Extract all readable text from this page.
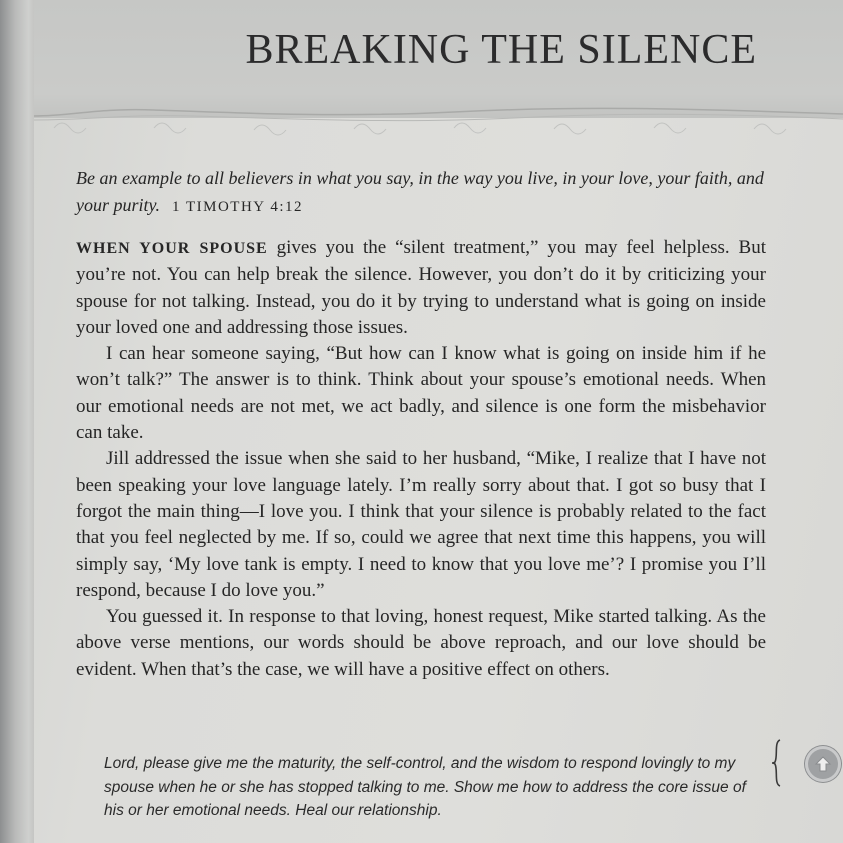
BREAKING THE SILENCE

Be an example to all believers in what you say, in the way you live, in your love, your faith, and your purity. 1 TIMOTHY 4:12

WHEN YOUR SPOUSE gives you the “silent treatment,” you may feel helpless. But you’re not. You can help break the silence. However, you don’t do it by criticizing your spouse for not talking. Instead, you do it by trying to understand what is going on inside your loved one and addressing those issues.

I can hear someone saying, “But how can I know what is going on inside him if he won’t talk?” The answer is to think. Think about your spouse’s emotional needs. When our emotional needs are not met, we act badly, and silence is one form the misbehavior can take.

Jill addressed the issue when she said to her husband, “Mike, I realize that I have not been speaking your love language lately. I’m really sorry about that. I got so busy that I forgot the main thing—I love you. I think that your silence is probably related to the fact that you feel neglected by me. If so, could we agree that next time this happens, you will simply say, ‘My love tank is empty. I need to know that you love me’? I promise you I’ll respond, because I do love you.”

You guessed it. In response to that loving, honest request, Mike started talking. As the above verse mentions, our words should be above reproach, and our love should be evident. When that’s the case, we will have a positive effect on others.

Lord, please give me the maturity, the self-control, and the wisdom to respond lovingly to my spouse when he or she has stopped talking to me. Show me how to address the core issue of his or her emotional needs. Heal our relationship.
